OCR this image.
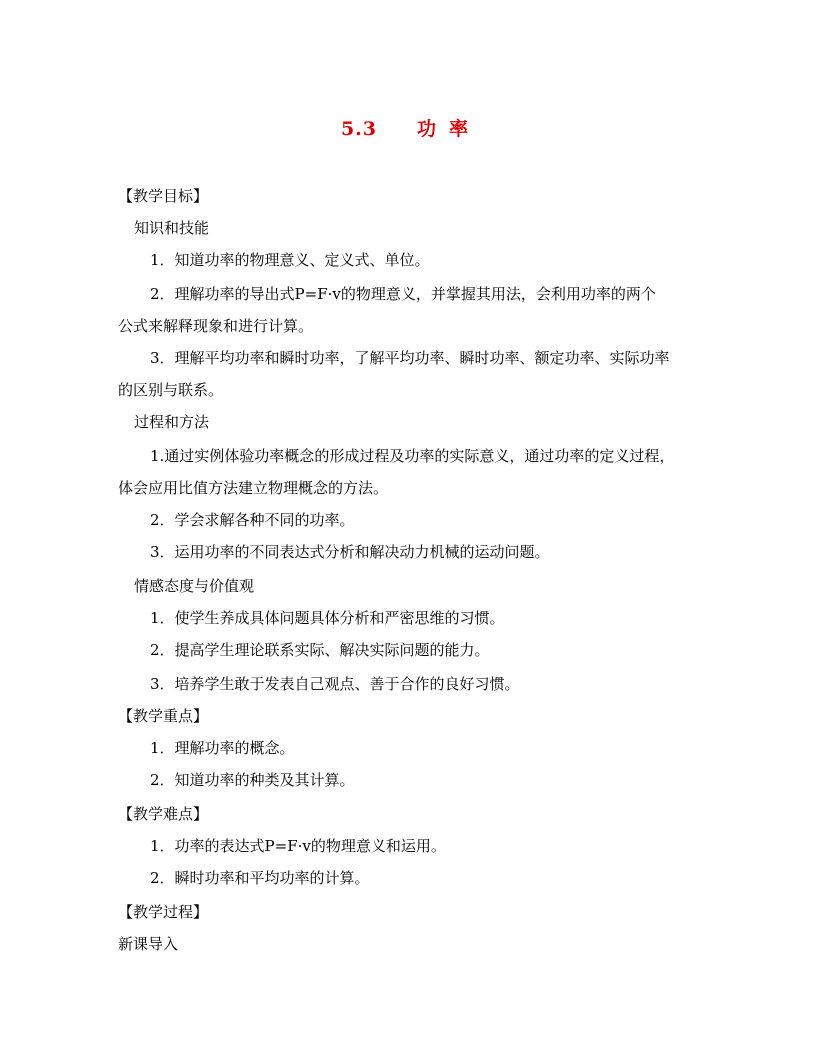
5.3 功 率
【教学目标】
知识和技能
1．知道功率的物理意义、定义式、单位。
2．理解功率的导出式P=F·v的物理意义，并掌握其用法，会利用功率的两个
公式来解释现象和进行计算。
3．理解平均功率和瞬时功率，了解平均功率、瞬时功率、额定功率、实际功率
的区别与联系。
过程和方法
1.通过实例体验功率概念的形成过程及功率的实际意义，通过功率的定义过程，
体会应用比值方法建立物理概念的方法。
2．学会求解各种不同的功率。
3．运用功率的不同表达式分析和解决动力机械的运动问题。
情感态度与价值观
1．使学生养成具体问题具体分析和严密思维的习惯。
2．提高学生理论联系实际、解决实际问题的能力。
3．培养学生敢于发表自己观点、善于合作的良好习惯。
【教学重点】
1．理解功率的概念。
2．知道功率的种类及其计算。
【教学难点】
1．功率的表达式P=F·v的物理意义和运用。
2．瞬时功率和平均功率的计算。
【教学过程】
新课导入
